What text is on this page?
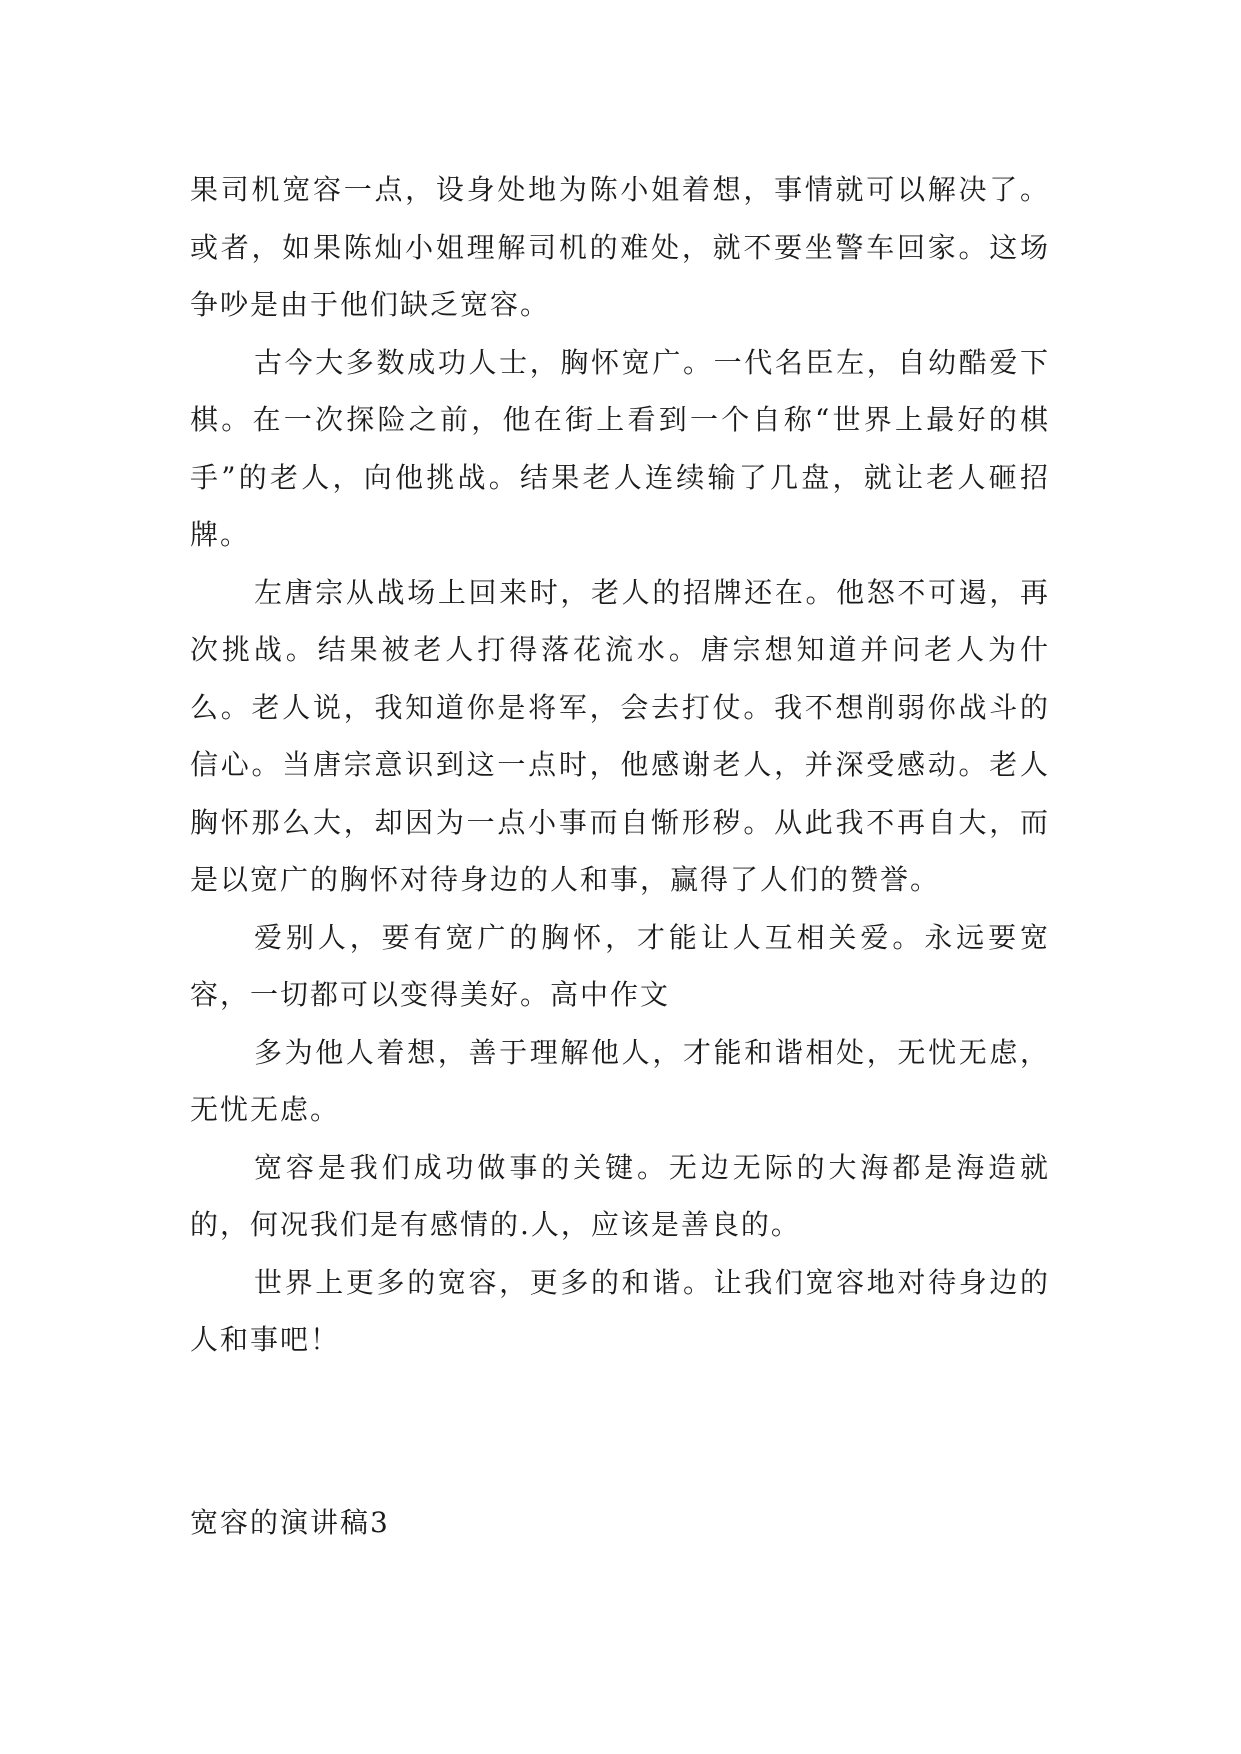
果司机宽容一点，设身处地为陈小姐着想，事情就可以解决了。或者，如果陈灿小姐理解司机的难处，就不要坐警车回家。这场争吵是由于他们缺乏宽容。

古今大多数成功人士，胸怀宽广。一代名臣左，自幼酷爱下棋。在一次探险之前，他在街上看到一个自称“世界上最好的棋手”的老人，向他挑战。结果老人连续输了几盘，就让老人砸招牌。

左唐宗从战场上回来时，老人的招牌还在。他怒不可遏，再次挑战。结果被老人打得落花流水。唐宗想知道并问老人为什么。老人说，我知道你是将军，会去打仗。我不想削弱你战斗的信心。当唐宗意识到这一点时，他感谢老人，并深受感动。老人胸怀那么大，却因为一点小事而自惭形秽。从此我不再自大，而是以宽广的胸怀对待身边的人和事，赢得了人们的赞誉。

爱别人，要有宽广的胸怀，才能让人互相关爱。永远要宽容，一切都可以变得美好。高中作文

多为他人着想，善于理解他人，才能和谐相处，无忧无虑，无忧无虑。

宽容是我们成功做事的关键。无边无际的大海都是海造就的，何况我们是有感情的.人，应该是善良的。

世界上更多的宽容，更多的和谐。让我们宽容地对待身边的人和事吧！

宽容的演讲稿3
